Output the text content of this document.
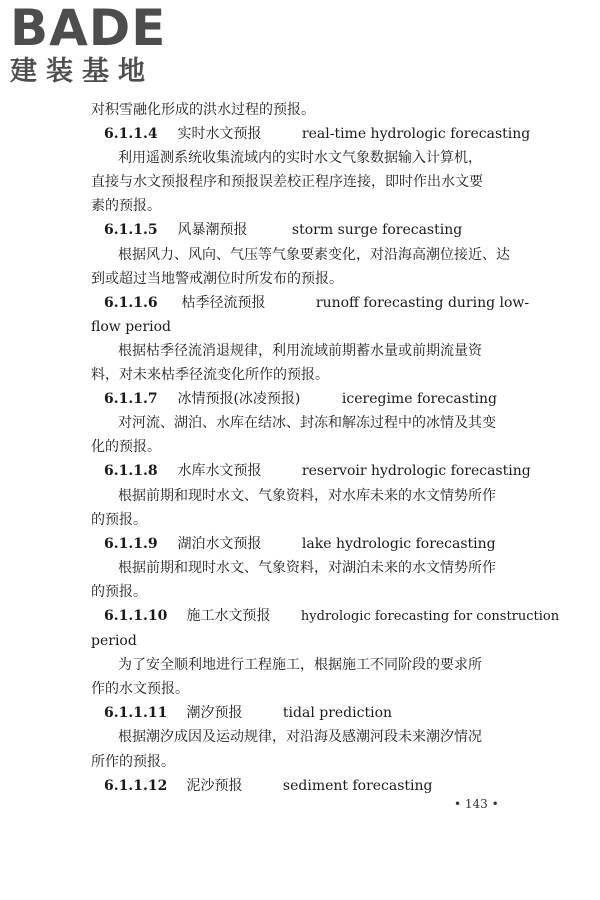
BADE
建装基地
对积雪融化形成的洪水过程的预报。
6.1.1.4 实时水文预报	real-time hydrologic forecasting
利用遥测系统收集流域内的实时水文气象数据输入计算机，
直接与水文预报程序和预报误差校正程序连接，即时作出水文要
素的预报。
6.1.1.5 风暴潮预报	storm surge forecasting
根据风力、风向、气压等气象要素变化，对沿海高潮位接近、达
到或超过当地警戒潮位时所发布的预报。
6.1.1.6 枯季径流预报	runoff forecasting during low-
flow period
根据枯季径流消退规律，利用流域前期蓄水量或前期流量资
料，对未来枯季径流变化所作的预报。
6.1.1.7 冰情预报(冰凌预报)	iceregime forecasting
对河流、湖泊、水库在结冰、封冻和解冻过程中的冰情及其变
化的预报。
6.1.1.8 水库水文预报	reservoir hydrologic forecasting
根据前期和现时水文、气象资料，对水库未来的水文情势所作
的预报。
6.1.1.9 湖泊水文预报	lake hydrologic forecasting
根据前期和现时水文、气象资料，对湖泊未来的水文情势所作
的预报。
6.1.1.10 施工水文预报 hydrologic forecasting for construction
period
为了安全顺利地进行工程施工，根据施工不同阶段的要求所
作的水文预报。
6.1.1.11 潮汐预报	tidal prediction
根据潮汐成因及运动规律，对沿海及感潮河段未来潮汐情况
所作的预报。
6.1.1.12 泥沙预报	sediment forecasting
• 143 •
